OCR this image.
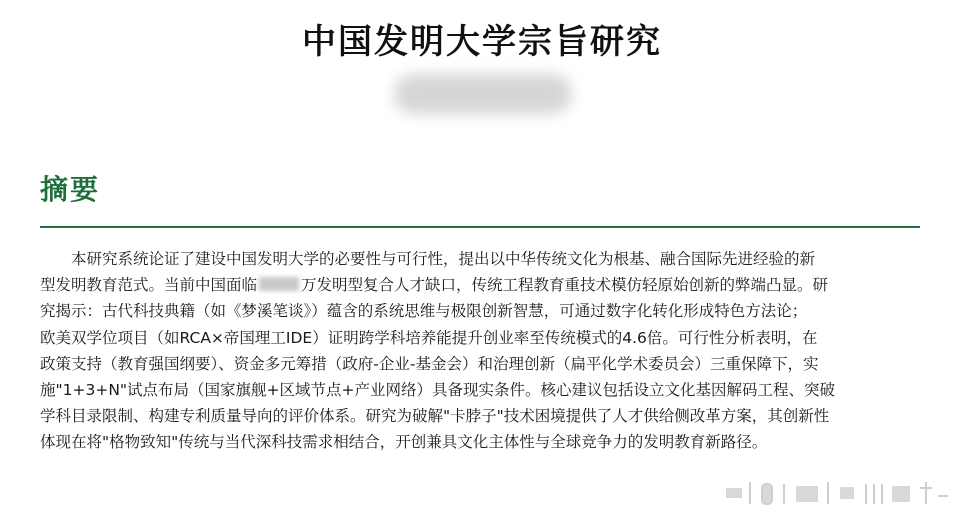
中国发明大学宗旨研究
摘要
本研究系统论证了建设中国发明大学的必要性与可行性，提出以中华传统文化为根基、融合国际先进经验的新
型发明教育范式。当前中国面临	万发明型复合人才缺口，传统工程教育重技术模仿轻原始创新的弊端凸显。研
究揭示：古代科技典籍（如《梦溪笔谈》）蕴含的系统思维与极限创新智慧，可通过数字化转化形成特色方法论；
欧美双学位项目（如RCA×帝国理工IDE）证明跨学科培养能提升创业率至传统模式的4.6倍。可行性分析表明，在
政策支持（教育强国纲要）、资金多元筹措（政府-企业-基金会）和治理创新（扁平化学术委员会）三重保障下，实
施"1+3+N"试点布局（国家旗舰+区域节点+产业网络）具备现实条件。核心建议包括设立文化基因解码工程、突破
学科目录限制、构建专利质量导向的评价体系。研究为破解"卡脖子"技术困境提供了人才供给侧改革方案，其创新性
体现在将"格物致知"传统与当代深科技需求相结合，开创兼具文化主体性与全球竞争力的发明教育新路径。
